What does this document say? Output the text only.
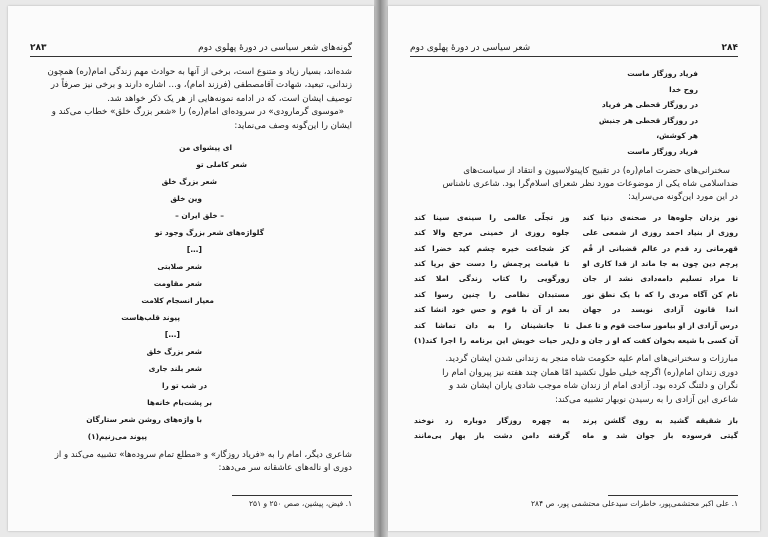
۲۸۳	گونه‌های شعر سیاسی در دورهٔ پهلوی دوم

شده‌اند، بسیار زیاد و متنوع است، برخی از آنها به حوادث مهم زندگی امام(ره) همچون
زندانی، تبعید، شهادت آقامصطفی (فرزند امام)، و… اشاره دارند و برخی نیز صرفاً در
توصیف ایشان است، که در ادامه نمونه‌هایی از هر یک ذکر خواهد شد.
«موسوی گرمارودی» در سروده‌ای امام(ره) را «شعر بزرگ خلق» خطاب می‌کند و
ایشان را این‌گونه وصف می‌نماید:

ای پیشوای من
شعر کاملی تو
شعر بزرگ خلق
وین خلق
– خلق ایران –
گلواژه‌های شعر بزرگ وجود تو
[…]
شعر صلابتی
شعر مقاومت
معیار انسجام کلامت
پیوند قلب‌هاست
[…]
شعر بزرگ خلق
شعر بلند جاری
در شب تو را
بر پشت‌بام خانه‌ها
با واژه‌های روشن شعر ستارگان
پیوند می‌زنیم(۱)

شاعری دیگر، امام را به «فریاد روزگار» و «مطلع تمام سروده‌ها» تشبیه می‌کند و از
دوری او ناله‌های عاشقانه سر می‌دهد:

۱. فیض، پیشین، صص ۲۵۰ و ۲۵۱
۲۸۴
شعر سیاسی در دورهٔ پهلوی دوم
فریاد روزگار ماست
روح خدا
در روزگار قحطی هر فریاد
در روزگار قحطی هر جنبش
هر کوشش،
فریاد روزگار ماست

سخنرانی‌های حضرت امام(ره) در تقبیح کاپیتولاسیون و انتقاد از سیاست‌های
ضداسلامی شاه یکی از موضوعات مورد نظر شعرای اسلام‌گرا بود. شاعری ناشناس
در این مورد این‌گونه می‌سراید:

نور یزدان جلوه‌ها در صحنه‌ی دنیا کند
روزی از بنیاد احمد روزی از شمعی علی
قهرمانی زد قدم در عالم قضبانی از قُم
پرچم دین چون به جا ماند از قدا کاری او
تا مراد تسلیم دامه‌دادی نشد از جان
نام کن آگاه مردی را که با یک نطق نور
اندا قانون آزادی نویسد در جهان
درس آزادی از او بیاموز ساخت قوم و تا عمل
آن کسی با شیعه بخوان کفت که او ز جان و دل
وز تجلّی عالمی را سینه‌ی سینا کند
جلوه روزی از خمینی مرجع والا کند
کز شجاعت خیره چشم کید خضرا کند
تا قیامت پرچمش را دست حق برپا کند
زورگویی را کتاب زندگی املا کند
مستبدان نظامی را چنین رسوا کند
بعد از آن با قوم و حس خود انشا کند
تا جانشینان را به دان تماشا کند
در حیات خویش این برنامه را اجرا کند(۱)

مبارزات و سخنرانی‌های امام علیه حکومت شاه منجر به زندانی شدن ایشان گردید.
دوری زندان امام(ره) اگرچه خیلی طول نکشید امّا همان چند هفته نیز پیروان امام را
نگران و دلتنگ کرده بود. آزادی امام از زندان شاه موجب شادی یاران ایشان شد و
شاعری این آزادی را به رسیدن نوبهار تشبیه می‌کند:

باز شقیقه گشید به روی گلشن پرند
گیتی فرسوده باز جوان شد و ماه
به چهره روزگار دوباره زد نوخند
گرفته دامن دشت باز بهار بی‌مانند
۱. علی اکبر محتشمی‌پور، خاطرات سیدعلی محتشمی پور، ص ۲۸۴
